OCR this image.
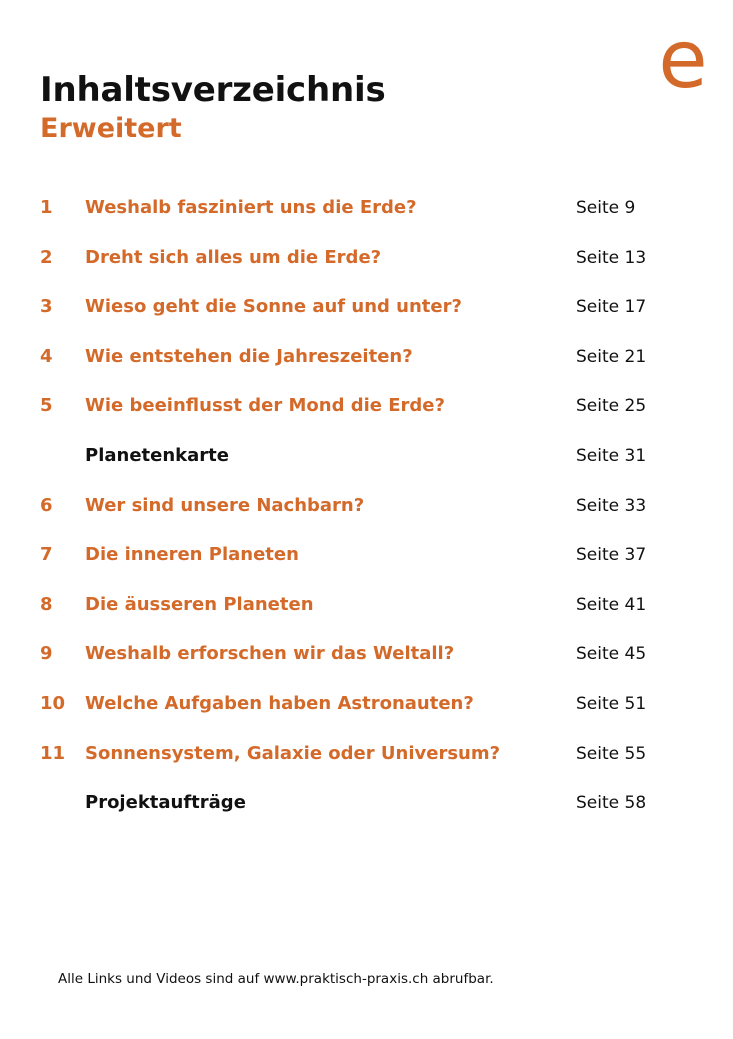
e
Inhaltsverzeichnis
Erweitert
1	Weshalb fasziniert uns die Erde?	Seite 9
2	Dreht sich alles um die Erde?	Seite 13
3	Wieso geht die Sonne auf und unter?	Seite 17
4	Wie entstehen die Jahreszeiten?	Seite 21
5	Wie beeinflusst der Mond die Erde?	Seite 25
Planetenkarte	Seite 31
6	Wer sind unsere Nachbarn?	Seite 33
7	Die inneren Planeten	Seite 37
8	Die äusseren Planeten	Seite 41
9	Weshalb erforschen wir das Weltall?	Seite 45
10	Welche Aufgaben haben Astronauten?	Seite 51
11	Sonnensystem, Galaxie oder Universum?	Seite 55
Projektaufträge	Seite 58

Alle Links und Videos sind auf www.praktisch-praxis.ch abrufbar.
